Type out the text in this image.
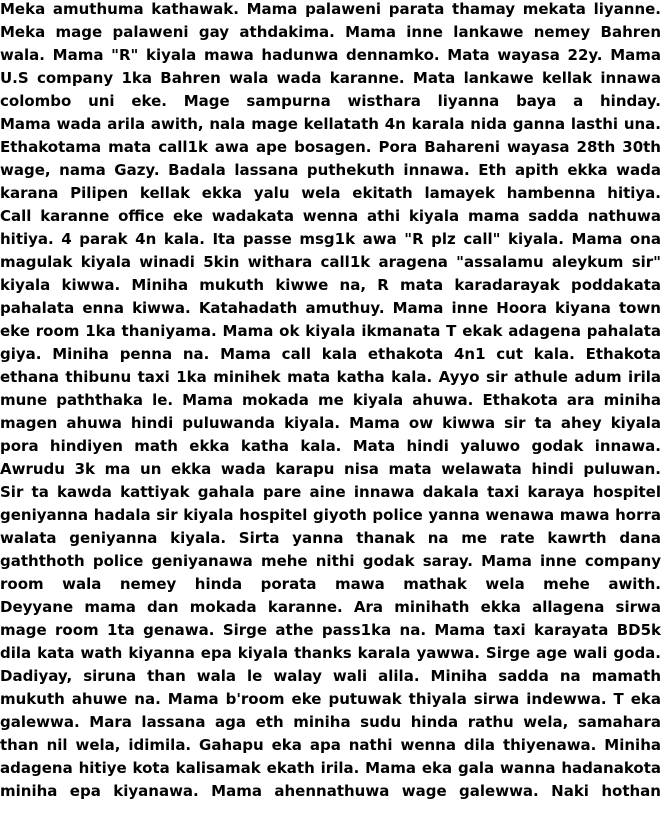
Meka amuthuma kathawak. Mama palaweni parata thamay mekata liyanne.
Meka mage palaweni gay athdakima. Mama inne lankawe nemey Bahren
wala. Mama "R" kiyala mawa hadunwa dennamko. Mata wayasa 22y. Mama
U.S company 1ka Bahren wala wada karanne. Mata lankawe kellak innawa
colombo uni eke. Mage sampurna wisthara liyanna baya a hinday.
Mama wada arila awith, nala mage kellatath 4n karala nida ganna lasthi una.
Ethakotama mata call1k awa ape bosagen. Pora Bahareni wayasa 28th 30th
wage, nama Gazy. Badala lassana puthekuth innawa. Eth apith ekka wada
karana Pilipen kellak ekka yalu wela ekitath lamayek hambenna hitiya.
Call karanne office eke wadakata wenna athi kiyala mama sadda nathuwa
hitiya. 4 parak 4n kala. Ita passe msg1k awa "R plz call" kiyala. Mama ona
magulak kiyala winadi 5kin withara call1k aragena "assalamu aleykum sir"
kiyala kiwwa. Miniha mukuth kiwwe na, R mata karadarayak poddakata
pahalata enna kiwwa. Katahadath amuthuy. Mama inne Hoora kiyana town
eke room 1ka thaniyama. Mama ok kiyala ikmanata T ekak adagena pahalata
giya. Miniha penna na. Mama call kala ethakota 4n1 cut kala. Ethakota
ethana thibunu taxi 1ka minihek mata katha kala. Ayyo sir athule adum irila
mune paththaka le. Mama mokada me kiyala ahuwa. Ethakota ara miniha
magen ahuwa hindi puluwanda kiyala. Mama ow kiwwa sir ta ahey kiyala
pora hindiyen math ekka katha kala. Mata hindi yaluwo godak innawa.
Awrudu 3k ma un ekka wada karapu nisa mata welawata hindi puluwan.
Sir ta kawda kattiyak gahala pare aine innawa dakala taxi karaya hospitel
geniyanna hadala sir kiyala hospitel giyoth police yanna wenawa mawa horra
walata geniyanna kiyala. Sirta yanna thanak na me rate kawrth dana
gaththoth police geniyanawa mehe nithi godak saray. Mama inne company
room wala nemey hinda porata mawa mathak wela mehe awith.
Deyyane mama dan mokada karanne. Ara minihath ekka allagena sirwa
mage room 1ta genawa. Sirge athe pass1ka na. Mama taxi karayata BD5k
dila kata wath kiyanna epa kiyala thanks karala yawwa. Sirge age wali goda.
Dadiyay, siruna than wala le walay wali alila. Miniha sadda na mamath
mukuth ahuwe na. Mama b'room eke putuwak thiyala sirwa indewwa. T eka
galewwa. Mara lassana aga eth miniha sudu hinda rathu wela, samahara
than nil wela, idimila. Gahapu eka apa nathi wenna dila thiyenawa. Miniha
adagena hitiye kota kalisamak ekath irila. Mama eka gala wanna hadanakota
miniha epa kiyanawa. Mama ahennathuwa wage galewwa. Naki hothan
